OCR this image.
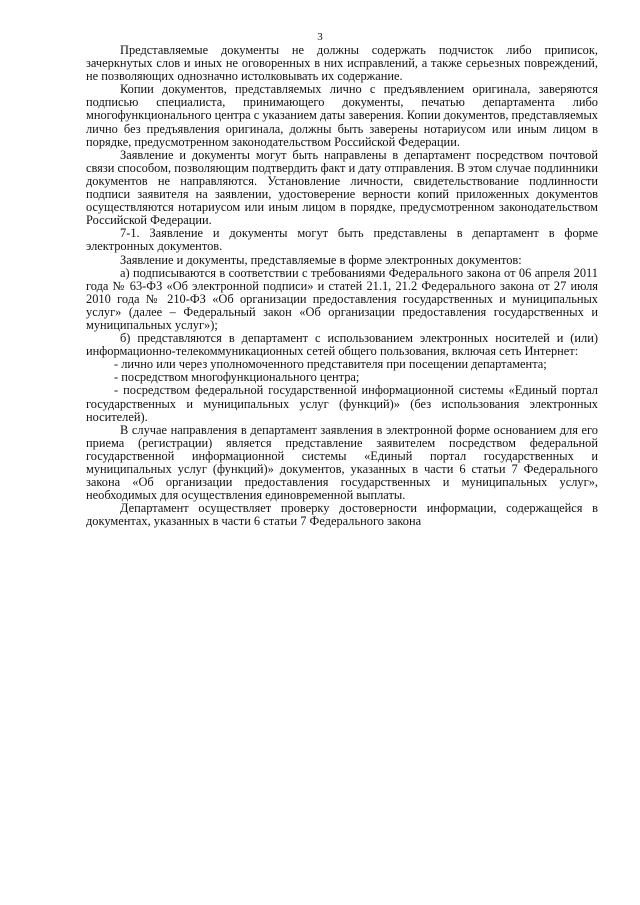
3

Представляемые документы не должны содержать подчисток либо приписок, зачеркнутых слов и иных не оговоренных в них исправлений, а также серьезных повреждений, не позволяющих однозначно истолковывать их содержание.

Копии документов, представляемых лично с предъявлением оригинала, заверяются подписью специалиста, принимающего документы, печатью департамента либо многофункционального центра с указанием даты заверения. Копии документов, представляемых лично без предъявления оригинала, должны быть заверены нотариусом или иным лицом в порядке, предусмотренном законодательством Российской Федерации.

Заявление и документы могут быть направлены в департамент посредством почтовой связи способом, позволяющим подтвердить факт и дату отправления. В этом случае подлинники документов не направляются. Установление личности, свидетельствование подлинности подписи заявителя на заявлении, удостоверение верности копий приложенных документов осуществляются нотариусом или иным лицом в порядке, предусмотренном законодательством Российской Федерации.

7-1. Заявление и документы могут быть представлены в департамент в форме электронных документов.

Заявление и документы, представляемые в форме электронных документов:

а) подписываются в соответствии с требованиями Федерального закона от 06 апреля 2011 года № 63-ФЗ «Об электронной подписи» и статей 21.1, 21.2 Федерального закона от 27 июля 2010 года № 210-ФЗ «Об организации предоставления государственных и муниципальных услуг» (далее – Федеральный закон «Об организации предоставления государственных и муниципальных услуг»);

б) представляются в департамент с использованием электронных носителей и (или) информационно-телекоммуникационных сетей общего пользования, включая сеть Интернет:

- лично или через уполномоченного представителя при посещении департамента;

- посредством многофункционального центра;

- посредством федеральной государственной информационной системы «Единый портал государственных и муниципальных услуг (функций)» (без использования электронных носителей).

В случае направления в департамент заявления в электронной форме основанием для его приема (регистрации) является представление заявителем посредством федеральной государственной информационной системы «Единый портал государственных и муниципальных услуг (функций)» документов, указанных в части 6 статьи 7 Федерального закона «Об организации предоставления государственных и муниципальных услуг», необходимых для осуществления единовременной выплаты.

Департамент осуществляет проверку достоверности информации, содержащейся в документах, указанных в части 6 статьи 7 Федерального закона
